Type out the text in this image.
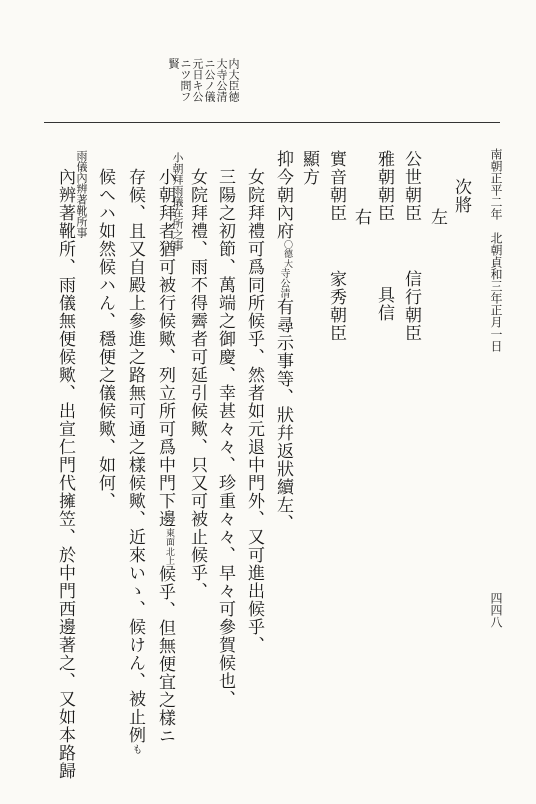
南朝正平二年　北朝貞和三年正月一日
四四八
内大臣徳
大寺公清
ニ公ノ儀
元日キ公
ニツ問フ
賢
次將
左
公世朝臣
信行朝臣
雅朝朝臣
具信
右
實音朝臣
家秀朝臣
顯方
抑今朝內府
大
〇德
寺公清有尋示事等、狀幷返狀續左、
女院拜禮可爲同所候乎、然者如元退中門外、又可進出候乎、
三陽之初節、萬端之御慶、幸甚々々、珍重々々、早々可參賀候也、
女院拜禮、雨不得霽者可延引候歟、只又可被止候乎、
小朝拜雨儀在所之事
小朝拜者猶可被行候歟、列立所可爲中門下邊
北上
東面
候乎、但無便宜之樣ニ
存候、且又自殿上參進之路無可通之樣候歟、近來いゝ、候けん、被止例も
候へハ如然候ハん、穩便之儀候歟、如何、
雨儀內辨著靴所事
內辨著靴所、雨儀無便候歟、出宣仁門代擁笠、於中門西邊著之、又如本路歸
